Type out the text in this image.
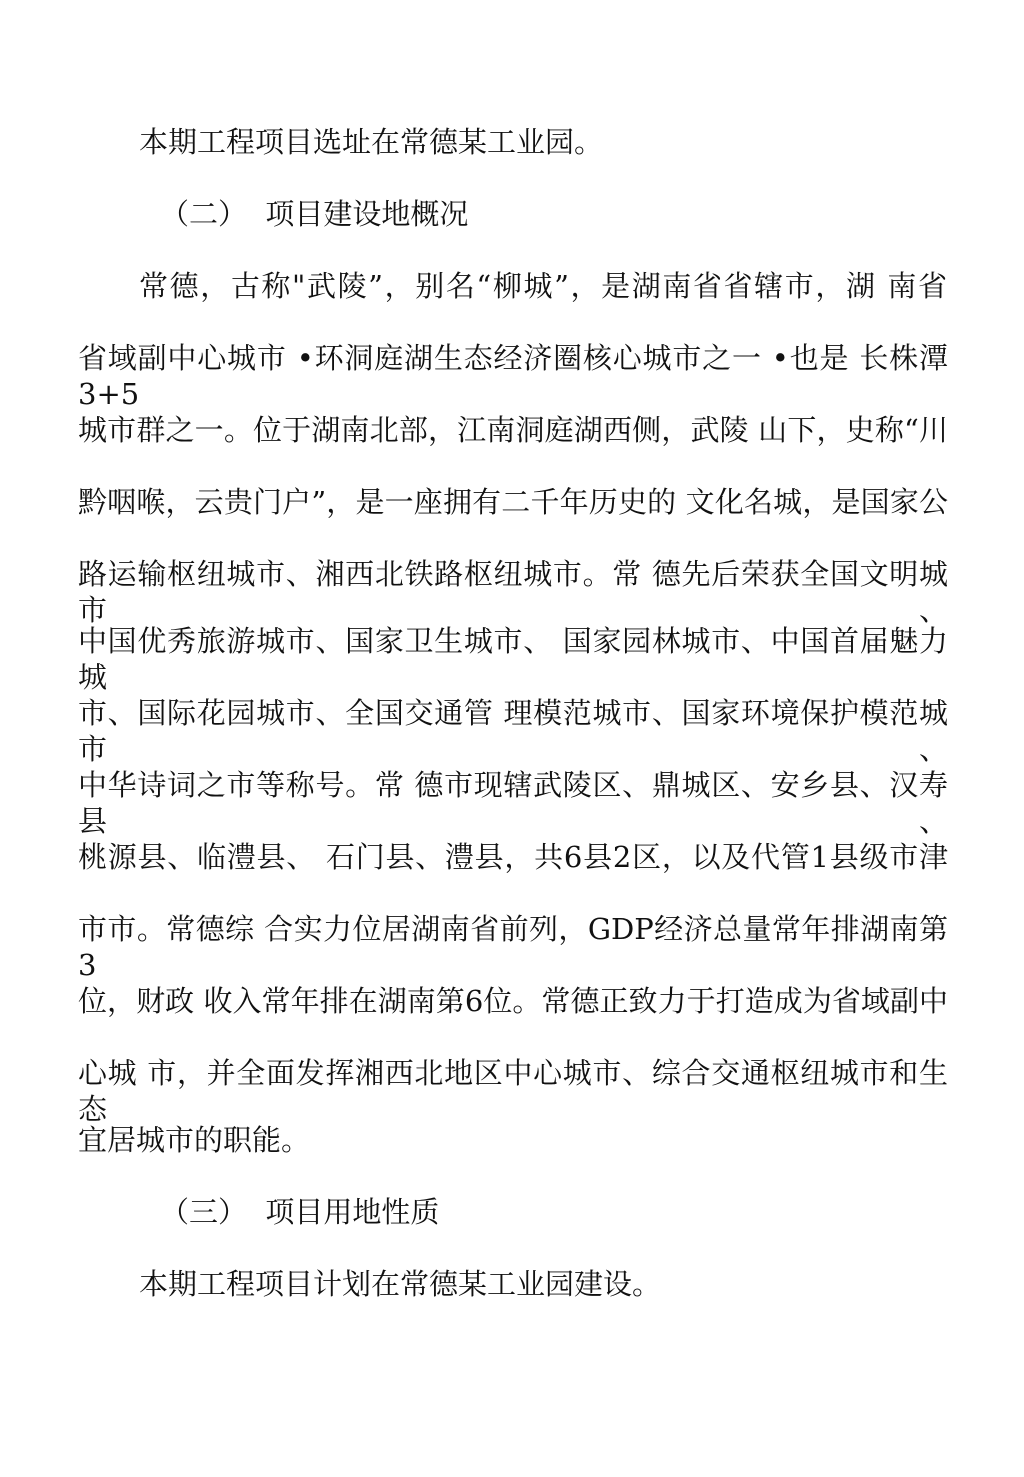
本期工程项目选址在常德某工业园。
（二）  项目建设地概况
常德，古称"武陵”，别名“柳城”，是湖南省省辖市，湖 南省
省域副中心城市 •环洞庭湖生态经济圈核心城市之一 •也是 长株潭3+5
城市群之一。位于湖南北部，江南洞庭湖西侧，武陵 山下，史称“川
黔咽喉，云贵门户”，是一座拥有二千年历史的 文化名城，是国家公
路运输枢纽城市、湘西北铁路枢纽城市。常 德先后荣获全国文明城市、
中国优秀旅游城市、国家卫生城市、 国家园林城市、中国首届魅力城
市、国际花园城市、全国交通管 理模范城市、国家环境保护模范城市、
中华诗词之市等称号。常 德市现辖武陵区、鼎城区、安乡县、汉寿县、
桃源县、临澧县、 石门县、澧县，共6县2区，以及代管1县级市津
市市。常德综 合实力位居湖南省前列，GDP经济总量常年排湖南第3
位，财政 收入常年排在湖南第6位。常德正致力于打造成为省域副中
心城 市，并全面发挥湘西北地区中心城市、综合交通枢纽城市和生态
宜居城市的职能。
（三）  项目用地性质
本期工程项目计划在常德某工业园建设。
